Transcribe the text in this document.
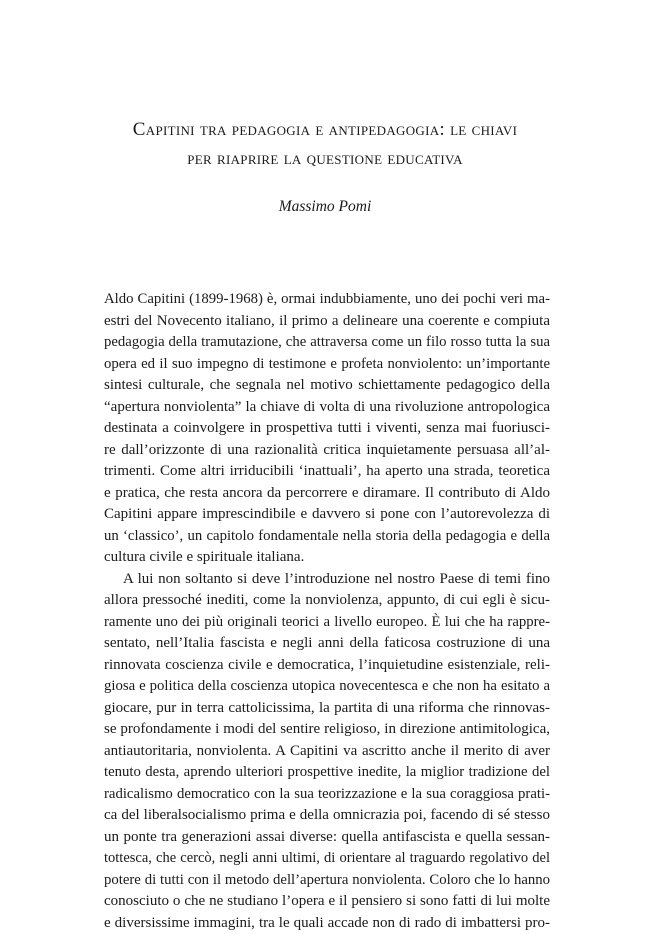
Capitini tra pedagogia e antipedagogia: le chiavi
per riaprire la questione educativa
Massimo Pomi
Aldo Capitini (1899-1968) è, ormai indubbiamente, uno dei pochi veri ma-
estri del Novecento italiano, il primo a delineare una coerente e compiuta
pedagogia della tramutazione, che attraversa come un filo rosso tutta la sua
opera ed il suo impegno di testimone e profeta nonviolento: un’importante
sintesi culturale, che segnala nel motivo schiettamente pedagogico della
“apertura nonviolenta” la chiave di volta di una rivoluzione antropologica
destinata a coinvolgere in prospettiva tutti i viventi, senza mai fuoriusci-
re dall’orizzonte di una razionalità critica inquietamente persuasa all’al-
trimenti. Come altri irriducibili ‘inattuali’, ha aperto una strada, teoretica
e pratica, che resta ancora da percorrere e diramare. Il contributo di Aldo
Capitini appare imprescindibile e davvero si pone con l’autorevolezza di
un ‘classico’, un capitolo fondamentale nella storia della pedagogia e della
cultura civile e spirituale italiana.
A lui non soltanto si deve l’introduzione nel nostro Paese di temi fino
allora pressoché inediti, come la nonviolenza, appunto, di cui egli è sicu-
ramente uno dei più originali teorici a livello europeo. È lui che ha rappre-
sentato, nell’Italia fascista e negli anni della faticosa costruzione di una
rinnovata coscienza civile e democratica, l’inquietudine esistenziale, reli-
giosa e politica della coscienza utopica novecentesca e che non ha esitato a
giocare, pur in terra cattolicissima, la partita di una riforma che rinnovas-
se profondamente i modi del sentire religioso, in direzione antimitologica,
antiautoritaria, nonviolenta. A Capitini va ascritto anche il merito di aver
tenuto desta, aprendo ulteriori prospettive inedite, la miglior tradizione del
radicalismo democratico con la sua teorizzazione e la sua coraggiosa prati-
ca del liberalsocialismo prima e della omnicrazia poi, facendo di sé stesso
un ponte tra generazioni assai diverse: quella antifascista e quella sessan-
tottesca, che cercò, negli anni ultimi, di orientare al traguardo regolativo del
potere di tutti con il metodo dell’apertura nonviolenta. Coloro che lo hanno
conosciuto o che ne studiano l’opera e il pensiero si sono fatti di lui molte
e diversissime immagini, tra le quali accade non di rado di imbattersi pro-
